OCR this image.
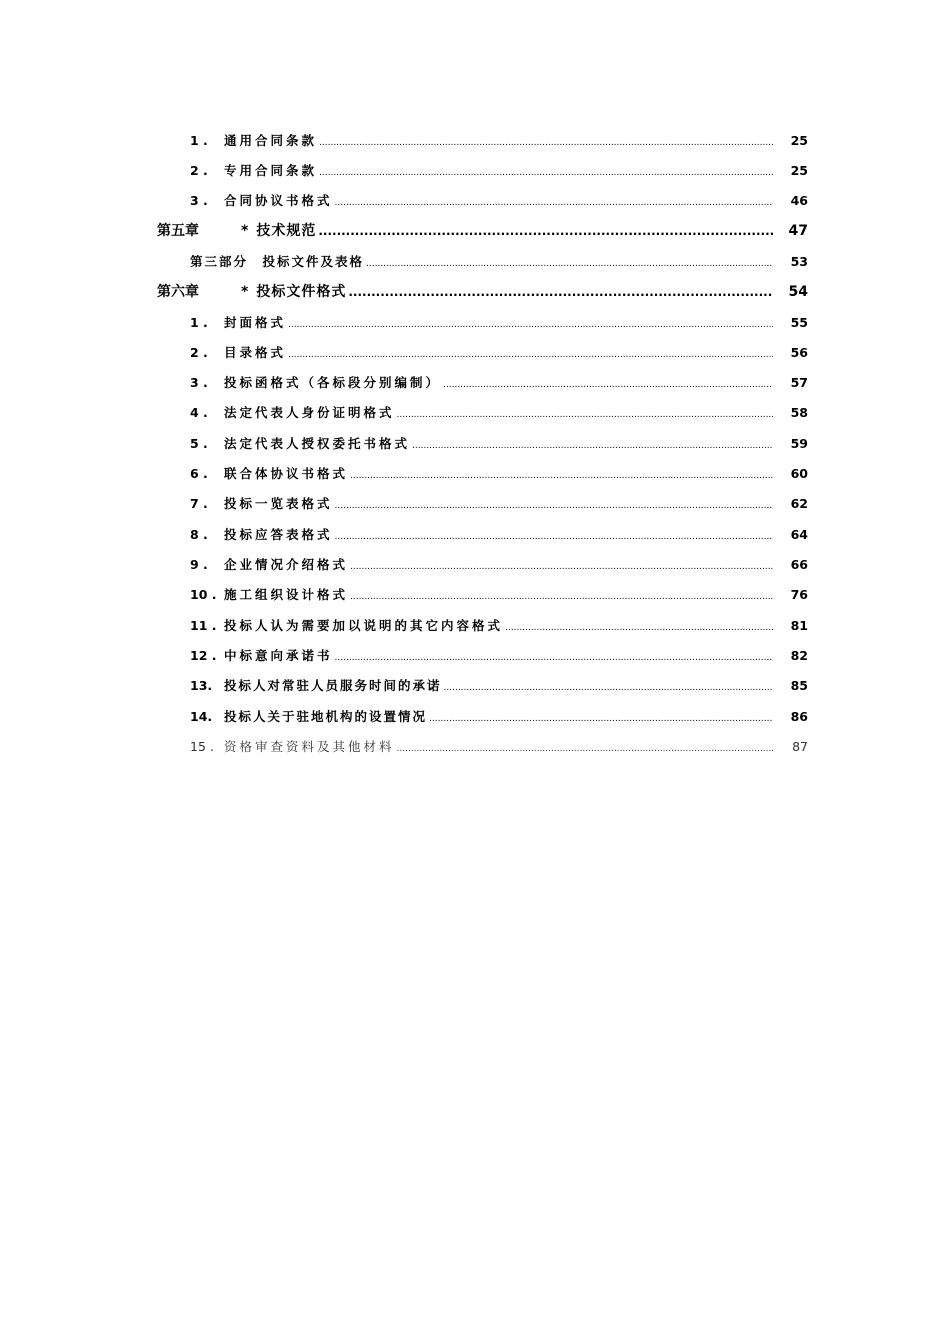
1 .	通用合同条款 .....	25
2 .	专用合同条款 .....	25
3 .	合同协议书格式 .....	46
第五章	* 技术规范 .....	47
第三部分　投标文件及表格 .....	53
第六章	* 投标文件格式 .....	54
1 .	封面格式 .....	55
2 .	目录格式 .....	56
3 .	投标函格式（各标段分别编制） .....	57
4 .	法定代表人身份证明格式 .....	58
5 .	法定代表人授权委托书格式 .....	59
6 .	联合体协议书格式 .....	60
7 .	投标一览表格式 .....	62
8 .	投标应答表格式 .....	64
9 .	企业情况介绍格式 .....	66
10 . 施工组织设计格式 .....	76
11 . 投标人认为需要加以说明的其它内容格式 .....	81
12 . 中标意向承诺书 .....	82
13. 投标人对常驻人员服务时间的承诺 .....	85
14. 投标人关于驻地机构的设置情况 .....	86
15 . 资格审查资料及其他材料 .....	87
